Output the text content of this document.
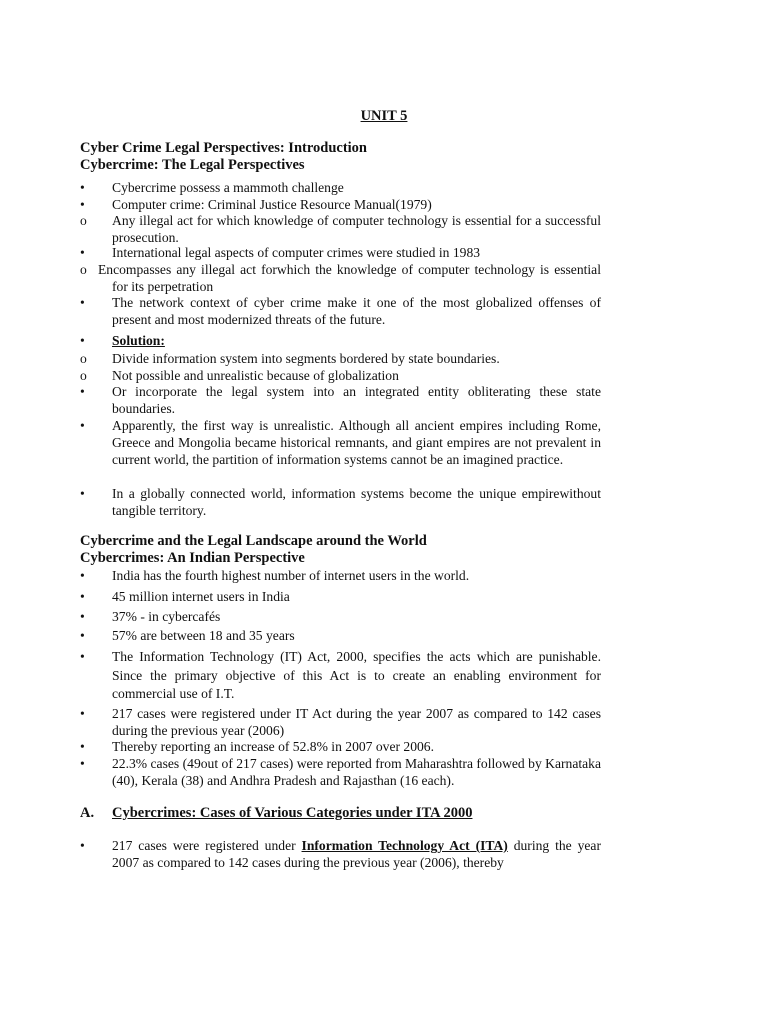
UNIT 5
Cyber Crime Legal Perspectives: Introduction
Cybercrime: The Legal Perspectives
•	Cybercrime possess a mammoth challenge
•	Computer crime: Criminal Justice Resource Manual(1979)
o	Any illegal act for which knowledge of computer technology is essential for a successful prosecution.
•	International legal aspects of computer crimes were studied in 1983
o Encompasses any illegal act forwhich the knowledge of computer technology is essential for its perpetration
•	The network context of cyber crime make it one of the most globalized offenses of present and most modernized threats of the future.
•	Solution:
o	Divide information system into segments bordered by state boundaries.
o	Not possible and unrealistic because of globalization
•	Or incorporate the legal system into an integrated entity obliterating these state boundaries.
•	Apparently, the first way is unrealistic. Although all ancient empires including Rome, Greece and Mongolia became historical remnants, and giant empires are not prevalent in current world, the partition of information systems cannot be an imagined practice.
•	In a globally connected world, information systems become the unique empirewithout tangible territory.
Cybercrime and the Legal Landscape around the World
Cybercrimes: An Indian Perspective
•	India has the fourth highest number of internet users in the world.
•	45 million internet users in India
•	37% - in cybercafés
•	57% are between 18 and 35 years
•	The Information Technology (IT) Act, 2000, specifies the acts which are punishable. Since the primary objective of this Act is to create an enabling environment for commercial use of I.T.
•	217 cases were registered under IT Act during the year 2007 as compared to 142 cases during the previous year (2006)
•	Thereby reporting an increase of 52.8% in 2007 over 2006.
•	22.3% cases (49out of 217 cases) were reported from Maharashtra followed by Karnataka (40), Kerala (38) and Andhra Pradesh and Rajasthan (16 each).
A. Cybercrimes: Cases of Various Categories under ITA 2000
•	217 cases were registered under Information Technology Act (ITA) during the year 2007 as compared to 142 cases during the previous year (2006), thereby
